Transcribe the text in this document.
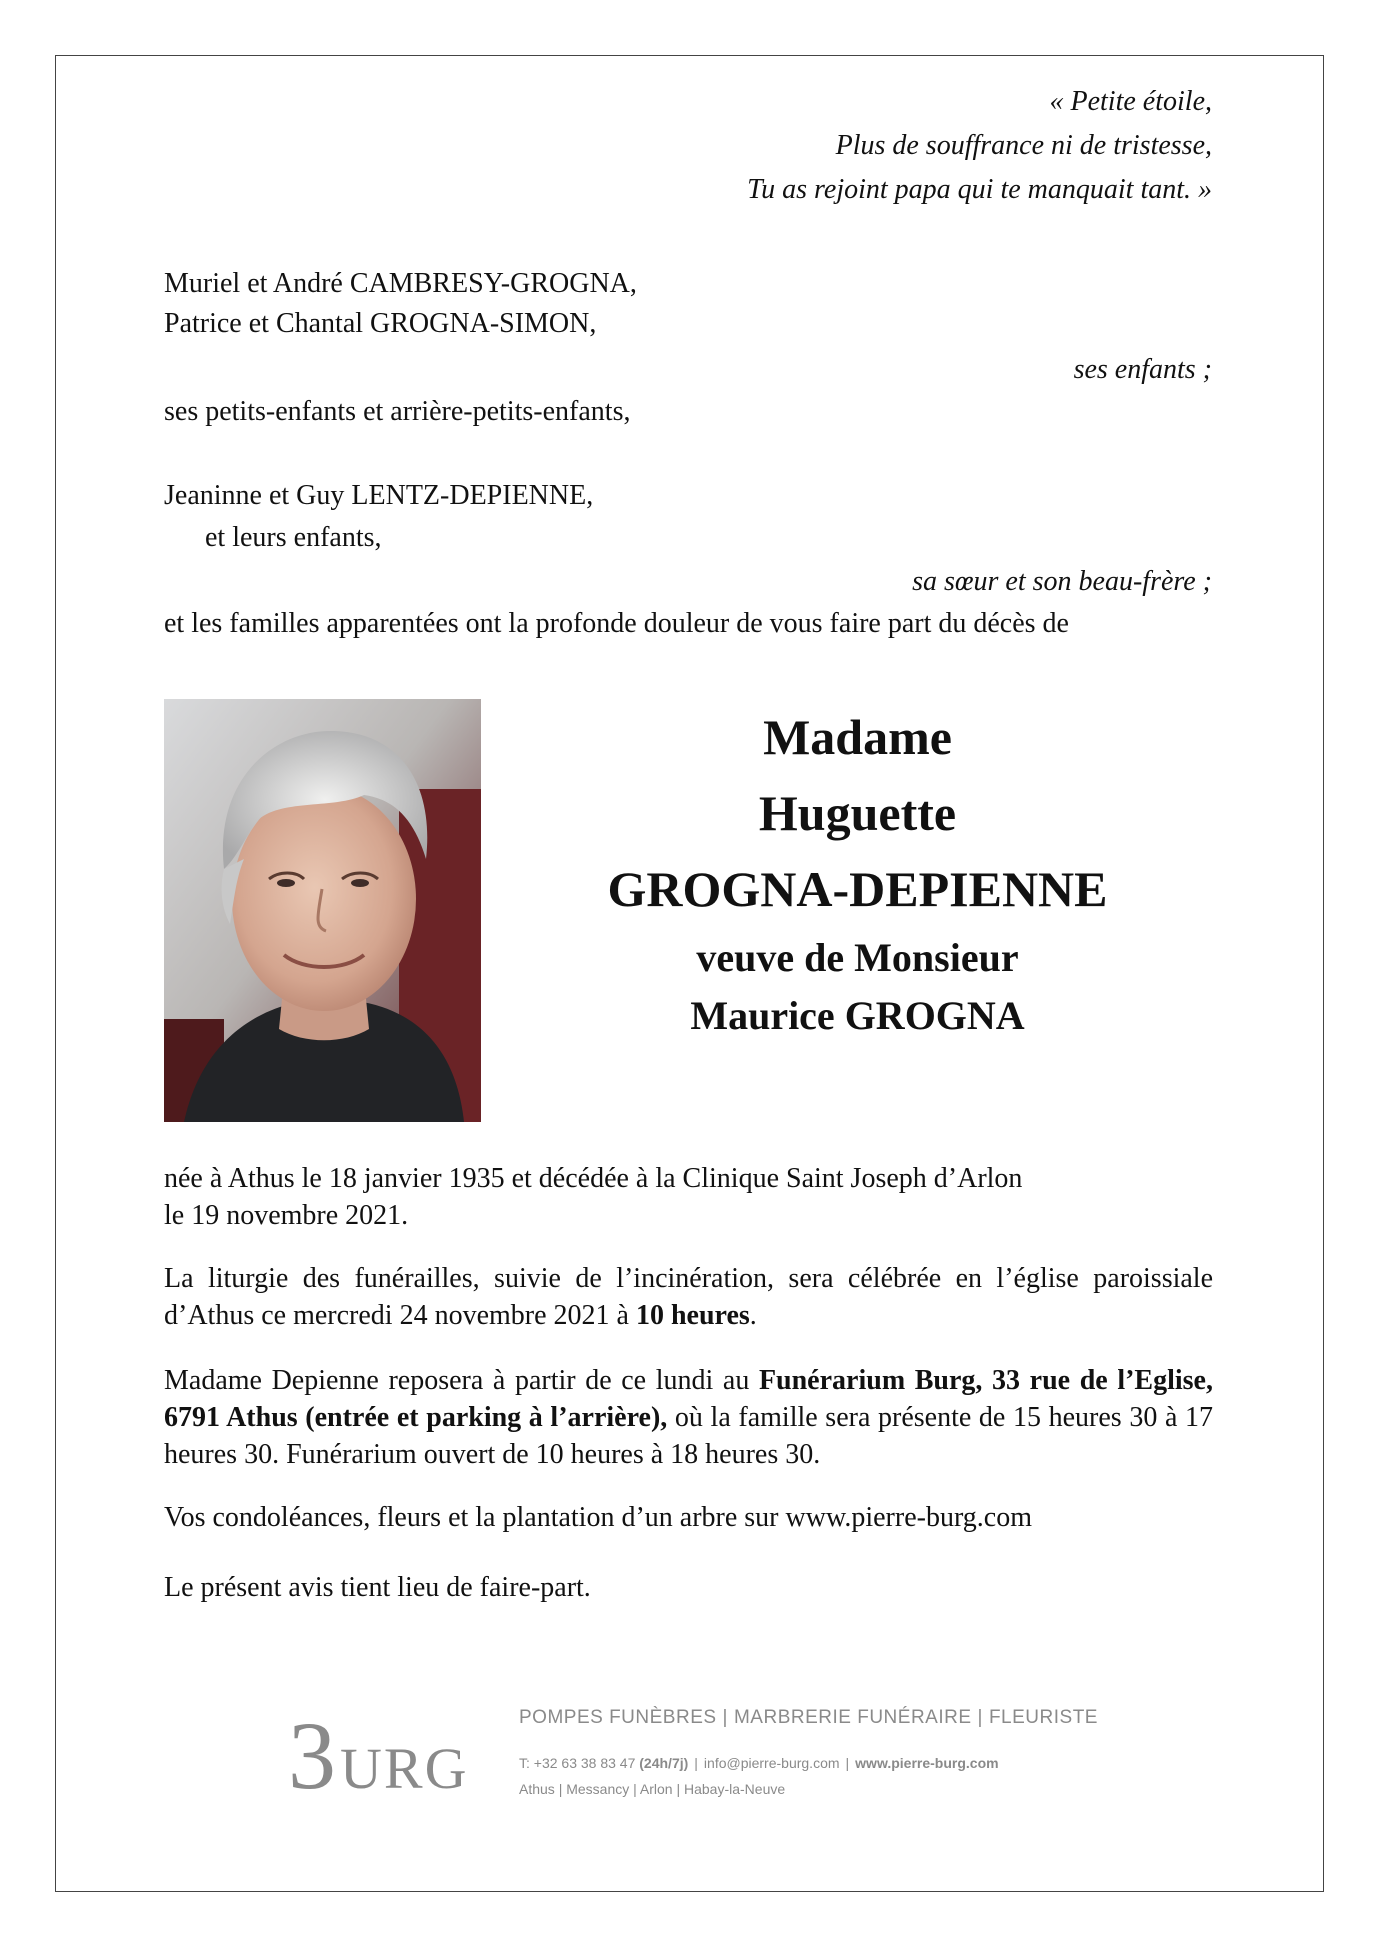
« Petite étoile,
Plus de souffrance ni de tristesse,
Tu as rejoint papa qui te manquait tant. »
Muriel et André CAMBRESY-GROGNA,
Patrice et Chantal GROGNA-SIMON,
ses enfants ;
ses petits-enfants et arrière-petits-enfants,
Jeaninne et Guy LENTZ-DEPIENNE,
et leurs enfants,
sa sœur et son beau-frère ;
et les familles apparentées ont la profonde douleur de vous faire part du décès de
Madame
Huguette
GROGNA-DEPIENNE
veuve de Monsieur
Maurice GROGNA
née à Athus le 18 janvier 1935 et décédée à la Clinique Saint Joseph d’Arlon
le 19 novembre 2021.
La liturgie des funérailles, suivie de l’incinération, sera célébrée en l’église paroissiale d’Athus ce mercredi 24 novembre 2021 à 10 heures.
Madame Depienne reposera à partir de ce lundi au Funérarium Burg, 33 rue de l’Eglise, 6791 Athus (entrée et parking à l’arrière), où la famille sera présente de 15 heures 30 à 17 heures 30. Funérarium ouvert de 10 heures à 18 heures 30.
Vos condoléances, fleurs et la plantation d’un arbre sur www.pierre-burg.com
Le présent avis tient lieu de faire-part.
3 URG
POMPES FUNÈBRES | MARBRERIE FUNÉRAIRE | FLEURISTE
T: +32 63 38 83 47 (24h/7j) | info@pierre-burg.com | www.pierre-burg.com
Athus | Messancy | Arlon | Habay-la-Neuve
